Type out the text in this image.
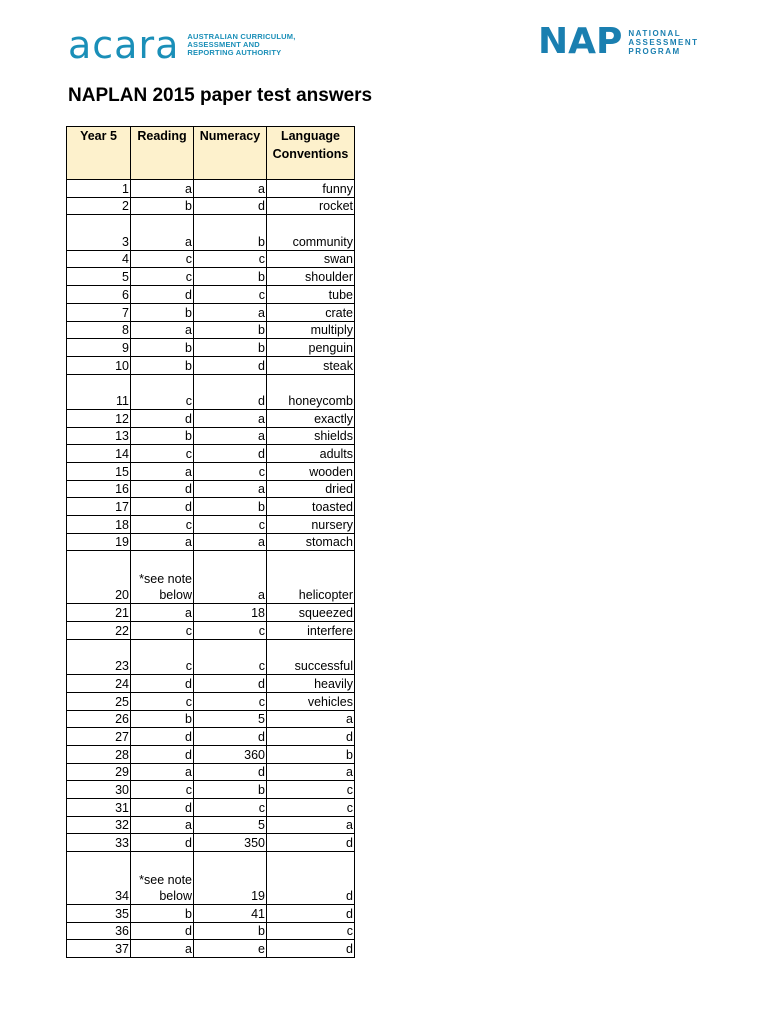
acara AUSTRALIAN CURRICULUM,
ASSESSMENT AND
REPORTING AUTHORITY	NAP NATIONAL
ASSESSMENT
PROGRAM
NAPLAN 2015 paper test answers
Year 5	Reading	Numeracy	Language Conventions
1	a	a	funny
2	b	d	rocket
3	a	b	community
4	c	c	swan
5	c	b	shoulder
6	d	c	tube
7	b	a	crate
8	a	b	multiply
9	b	b	penguin
10	b	d	steak
11	c	d	honeycomb
12	d	a	exactly
13	b	a	shields
14	c	d	adults
15	a	c	wooden
16	d	a	dried
17	d	b	toasted
18	c	c	nursery
19	a	a	stomach
20	*see note below	a	helicopter
21	a	18	squeezed
22	c	c	interfere
23	c	c	successful
24	d	d	heavily
25	c	c	vehicles
26	b	5	a
27	d	d	d
28	d	360	b
29	a	d	a
30	c	b	c
31	d	c	c
32	a	5	a
33	d	350	d
34	*see note below	19	d
35	b	41	d
36	d	b	c
37	a	e	d
